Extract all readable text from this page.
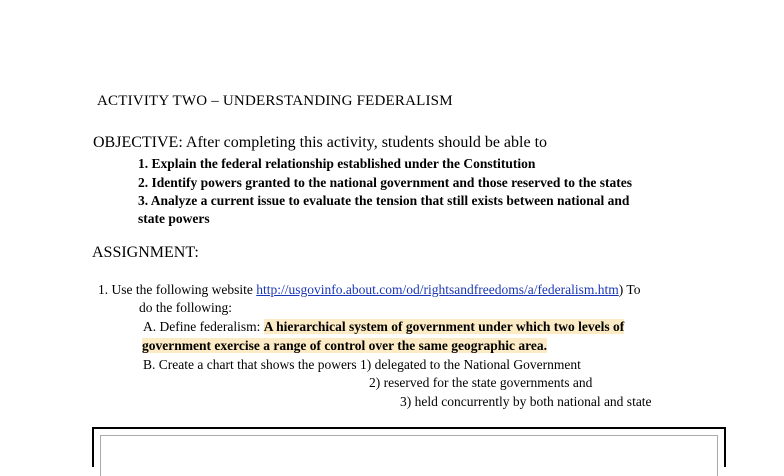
ACTIVITY TWO – UNDERSTANDING FEDERALISM
OBJECTIVE: After completing this activity, students should be able to
1. Explain the federal relationship established under the Constitution
2. Identify powers granted to the national government and those reserved to the states
3. Analyze a current issue to evaluate the tension that still exists between national and
state powers
ASSIGNMENT:
1. Use the following website http://usgovinfo.about.com/od/rightsandfreedoms/a/federalism.htm) To
do the following:
A. Define federalism: A hierarchical system of government under which two levels of
government exercise a range of control over the same geographic area.
B. Create a chart that shows the powers 1) delegated to the National Government
2) reserved for the state governments and
3) held concurrently by both national and state
